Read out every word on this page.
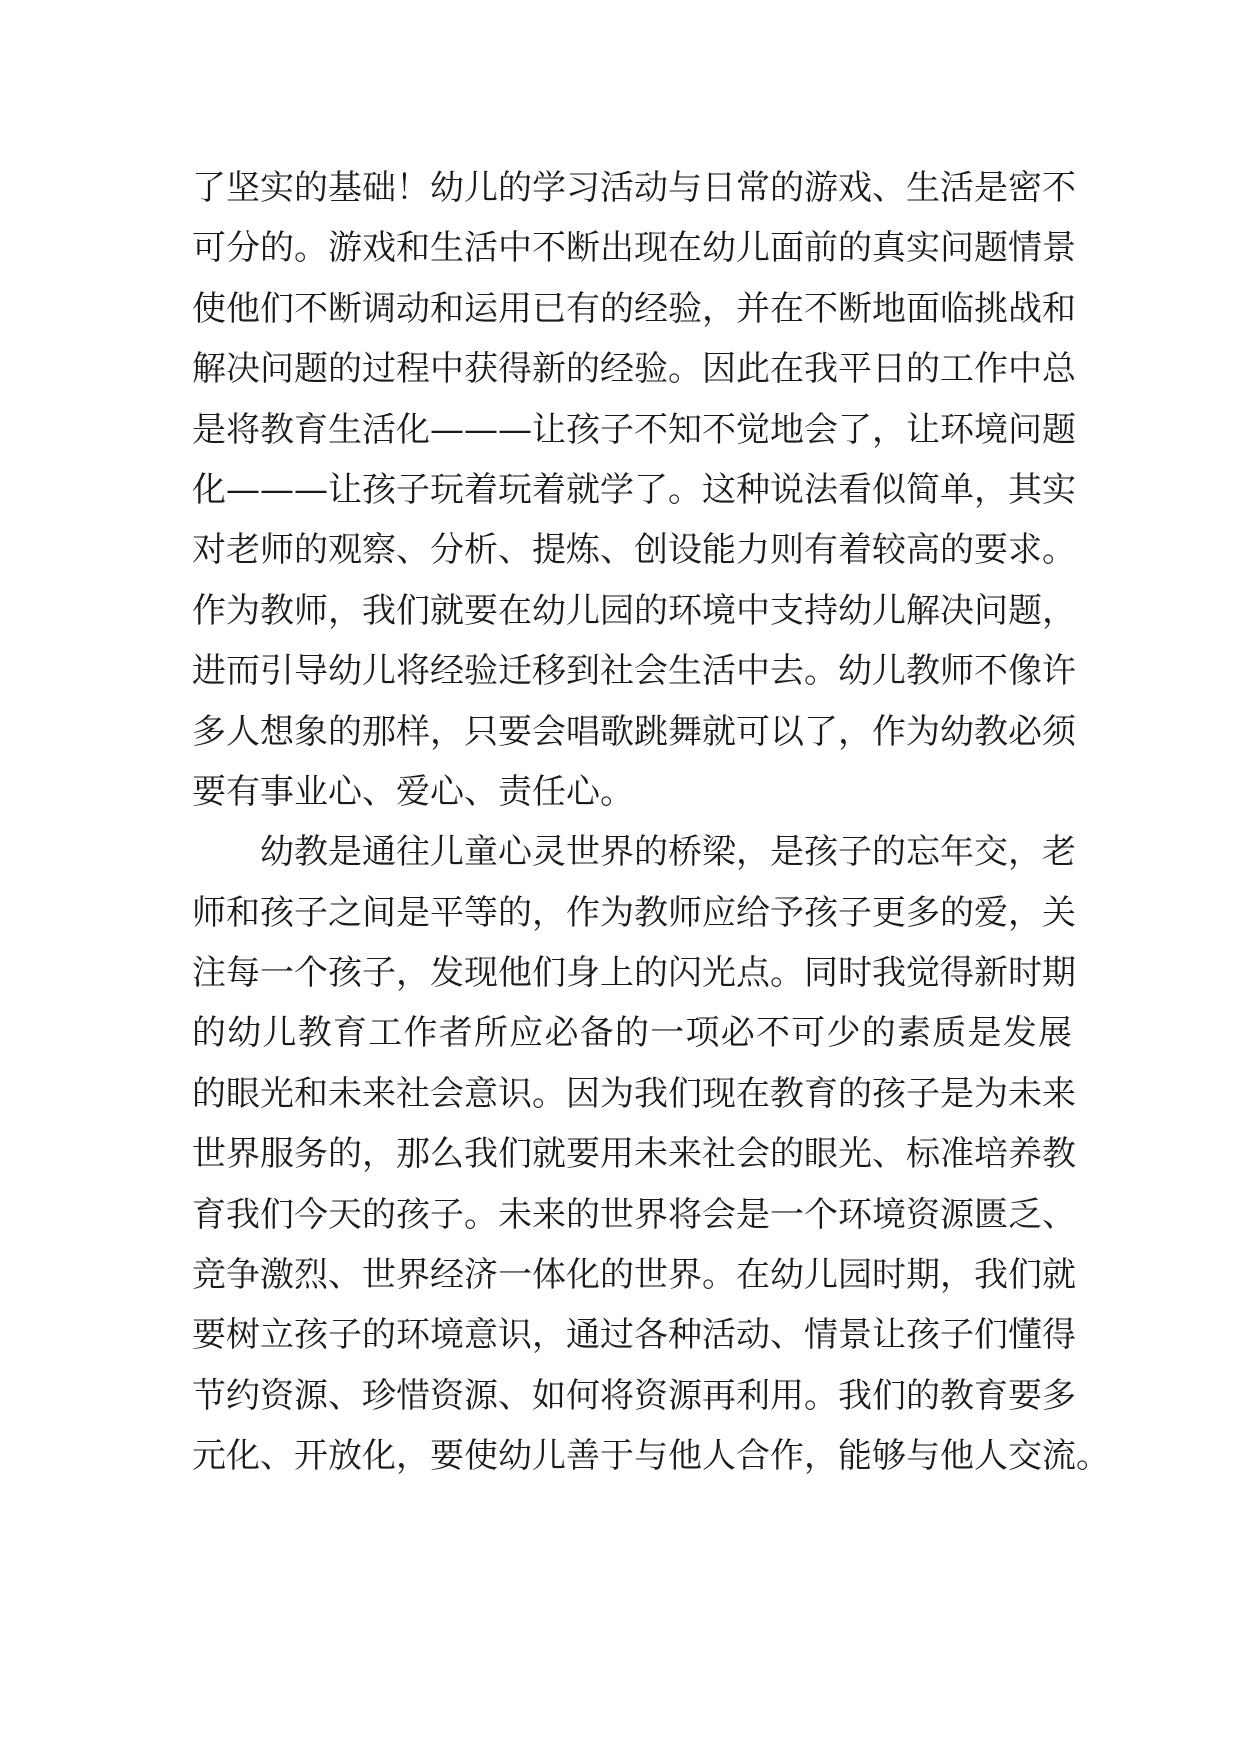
了坚实的基础！幼儿的学习活动与日常的游戏、生活是密不
可分的。游戏和生活中不断出现在幼儿面前的真实问题情景
使他们不断调动和运用已有的经验，并在不断地面临挑战和
解决问题的过程中获得新的经验。因此在我平日的工作中总
是将教育生活化———让孩子不知不觉地会了，让环境问题
化———让孩子玩着玩着就学了。这种说法看似简单，其实
对老师的观察、分析、提炼、创设能力则有着较高的要求。
作为教师，我们就要在幼儿园的环境中支持幼儿解决问题，
进而引导幼儿将经验迁移到社会生活中去。幼儿教师不像许
多人想象的那样，只要会唱歌跳舞就可以了，作为幼教必须
要有事业心、爱心、责任心。
幼教是通往儿童心灵世界的桥梁，是孩子的忘年交，老
师和孩子之间是平等的，作为教师应给予孩子更多的爱，关
注每一个孩子，发现他们身上的闪光点。同时我觉得新时期
的幼儿教育工作者所应必备的一项必不可少的素质是发展
的眼光和未来社会意识。因为我们现在教育的孩子是为未来
世界服务的，那么我们就要用未来社会的眼光、标准培养教
育我们今天的孩子。未来的世界将会是一个环境资源匮乏、
竞争激烈、世界经济一体化的世界。在幼儿园时期，我们就
要树立孩子的环境意识，通过各种活动、情景让孩子们懂得
节约资源、珍惜资源、如何将资源再利用。我们的教育要多
元化、开放化，要使幼儿善于与他人合作，能够与他人交流。
